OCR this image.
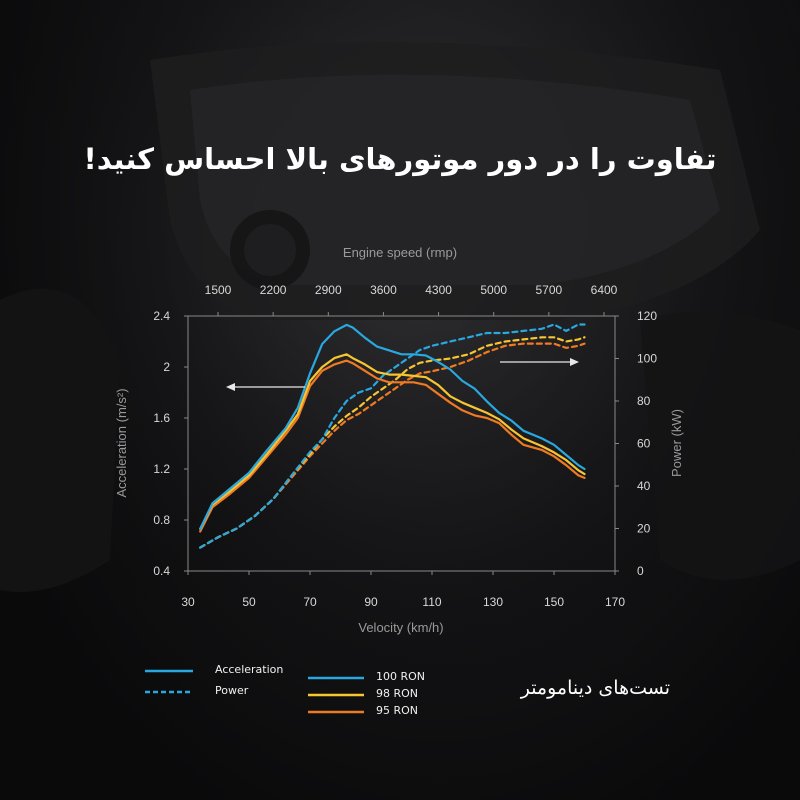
تفاوت را در دور موتورهای بالا احساس کنید!
30	50	70	90	110	130	150	170
1500 2200 2900 3600 4300 5000 5700 6400
0.4
0.8
1.2
1.6
2
2.4
0
20
40
60
80
100
120
Velocity (km/h)
Engine speed (rmp)
Acceleration (m/s²)	Power (kW)
Acceleration
Power
100 RON
98 RON
95 RON
تست‌های دینامومتر
